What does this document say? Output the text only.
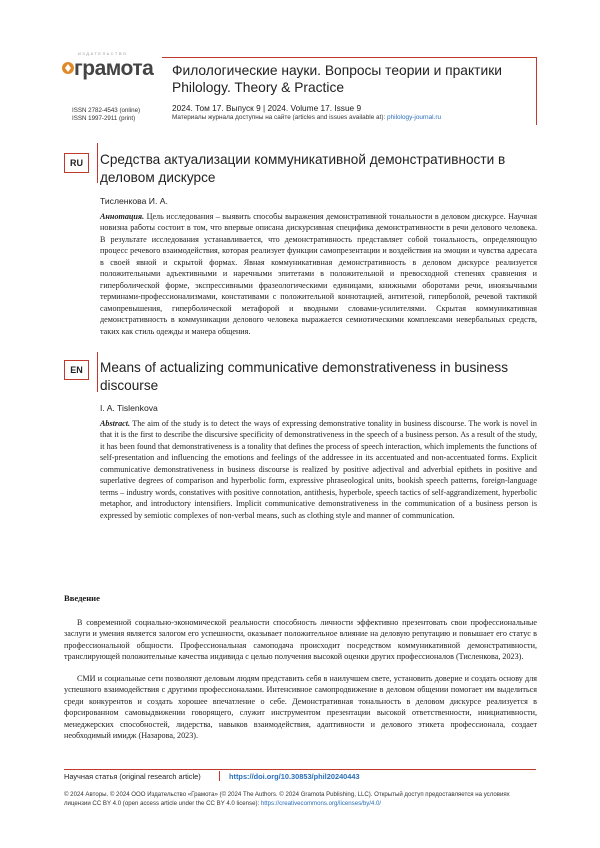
ИЗДАТЕЛЬСТВО
грамота
ISSN 2782-4543 (online)
ISSN 1997-2911 (print)
Филологические науки. Вопросы теории и практики
Philology. Theory & Practice
2024. Том 17. Выпуск 9 | 2024. Volume 17. Issue 9
Материалы журнала доступны на сайте (articles and issues available at): philology-journal.ru
RU	Средства актуализации коммуникативной демонстративности в деловом дискурсе
Тисленкова И. А.
Аннотация. Цель исследования – выявить способы выражения демонстративной тональности в деловом дискурсе. Научная новизна работы состоит в том, что впервые описана дискурсивная специфика демонстративности в речи делового человека. В результате исследования устанавливается, что демонстративность представляет собой тональность, определяющую процесс речевого взаимодействия, которая реализует функции самопрезентации и воздействия на эмоции и чувства адресата в своей явной и скрытой формах. Явная коммуникативная демонстративность в деловом дискурсе реализуется положительными адъективными и наречными эпитетами в положительной и превосходной степенях сравнения и гиперболической форме, экспрессивными фразеологическими единицами, книжными оборотами речи, иноязычными терминами-профессионализмами, констативами с положительной коннотацией, антитезой, гиперболой, речевой тактикой самопревышения, гиперболической метафорой и вводными словами-усилителями. Скрытая коммуникативная демонстративность в коммуникации делового человека выражается семиотическими комплексами невербальных средств, таких как стиль одежды и манера общения.
EN	Means of actualizing communicative demonstrativeness in business discourse
I. A. Tislenkova
Abstract. The aim of the study is to detect the ways of expressing demonstrative tonality in business discourse. The work is novel in that it is the first to describe the discursive specificity of demonstrativeness in the speech of a business person. As a result of the study, it has been found that demonstrativeness is a tonality that defines the process of speech interaction, which implements the functions of self-presentation and influencing the emotions and feelings of the addressee in its accentuated and non-accentuated forms. Explicit communicative demonstrativeness in business discourse is realized by positive adjectival and adverbial epithets in positive and superlative degrees of comparison and hyperbolic form, expressive phraseological units, bookish speech patterns, foreign-language terms – industry words, constatives with positive connotation, antithesis, hyperbole, speech tactics of self-aggrandizement, hyperbolic metaphor, and introductory intensifiers. Implicit communicative demonstrativeness in the communication of a business person is expressed by semiotic complexes of non-verbal means, such as clothing style and manner of communication.
Введение
В современной социально-экономической реальности способность личности эффективно презентовать свои профессиональные заслуги и умения является залогом его успешности, оказывает положительное влияние на деловую репутацию и повышает его статус в профессиональной общности. Профессиональная самоподача происходит посредством коммуникативной демонстративности, транслирующей положительные качества индивида с целью получения высокой оценки других профессионалов (Тисленкова, 2023).
СМИ и социальные сети позволяют деловым людям представить себя в наилучшем свете, установить доверие и создать основу для успешного взаимодействия с другими профессионалами. Интенсивное самопродвижение в деловом общении помогает им выделиться среди конкурентов и создать хорошее впечатление о себе. Демонстративная тональность в деловом дискурсе реализуется в форсированном самовыдвижении говорящего, служит инструментом презентации высокой ответственности, инициативности, менеджерских способностей, лидерства, навыков взаимодействия, адаптивности и делового этикета профессионала, создает необходимый имидж (Назарова, 2023).
Научная статья (original research article)	https://doi.org/10.30853/phil20240443
© 2024 Авторы. © 2024 ООО Издательство «Грамота» (© 2024 The Authors. © 2024 Gramota Publishing, LLC). Открытый доступ предоставляется на условиях лицензии CC BY 4.0 (open access article under the CC BY 4.0 license): https://creativecommons.org/licenses/by/4.0/
